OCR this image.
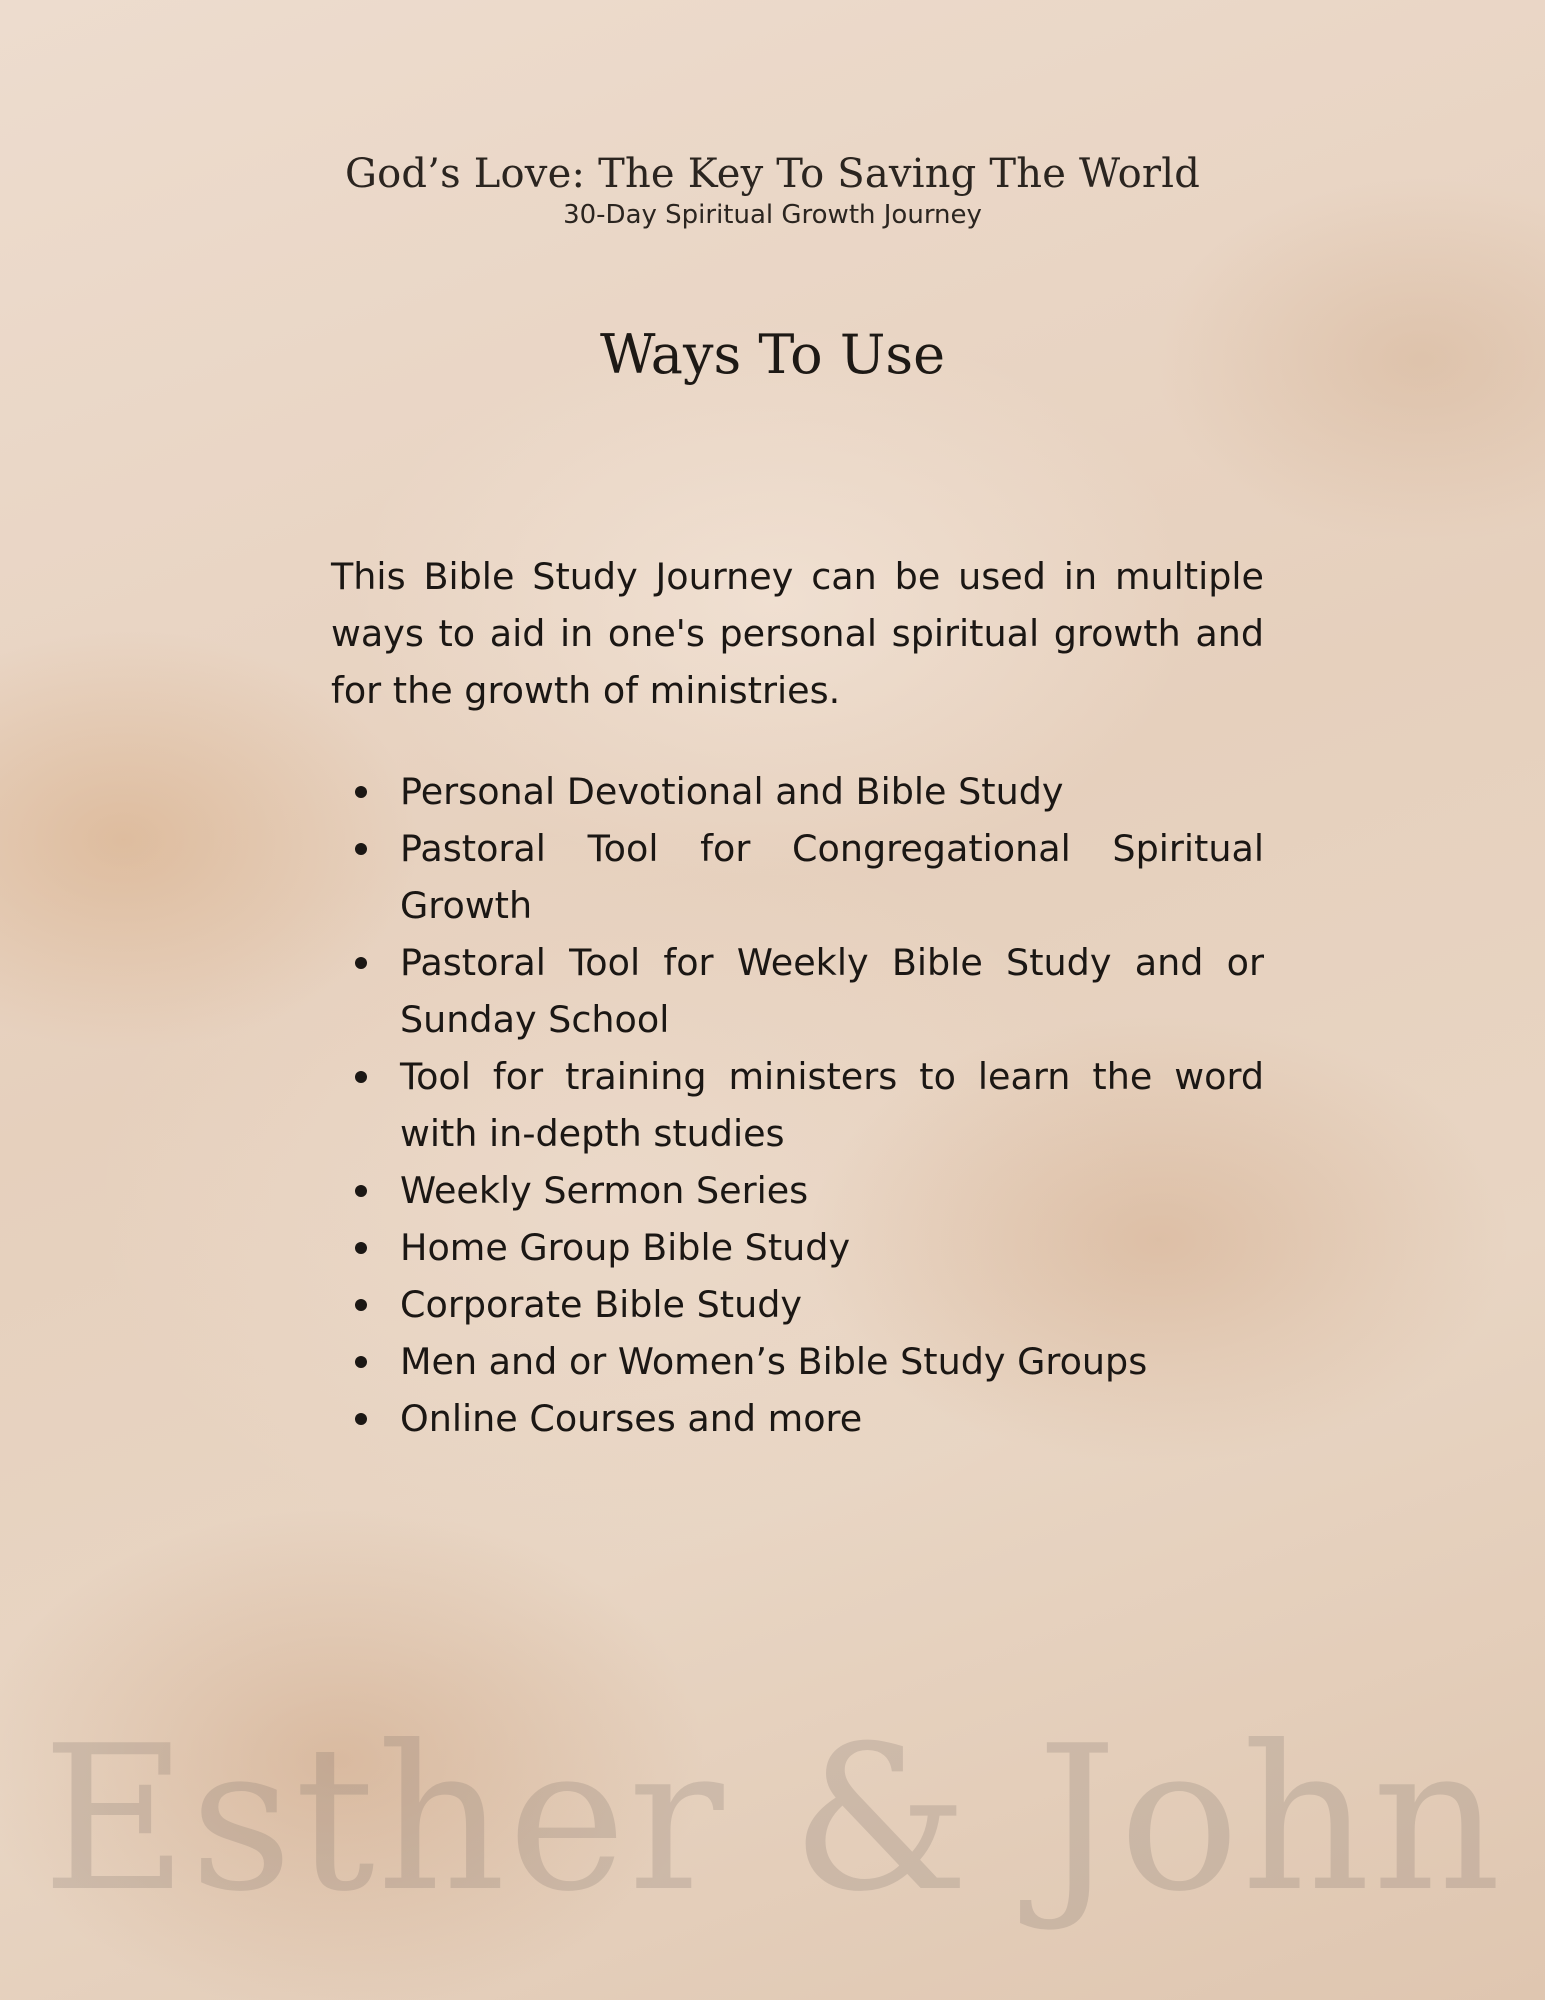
God’s Love: The Key To Saving The World
30-Day Spiritual Growth Journey
Ways To Use

This Bible Study Journey can be used in multiple ways to aid in one's personal spiritual growth and for the growth of ministries.

Personal Devotional and Bible Study
Pastoral Tool for Congregational Spiritual Growth
Pastoral Tool for Weekly Bible Study and or Sunday School
Tool for training ministers to learn the word with in-depth studies
Weekly Sermon Series
Home Group Bible Study
Corporate Bible Study
Men and or Women’s Bible Study Groups
Online Courses and more
Esther & John
